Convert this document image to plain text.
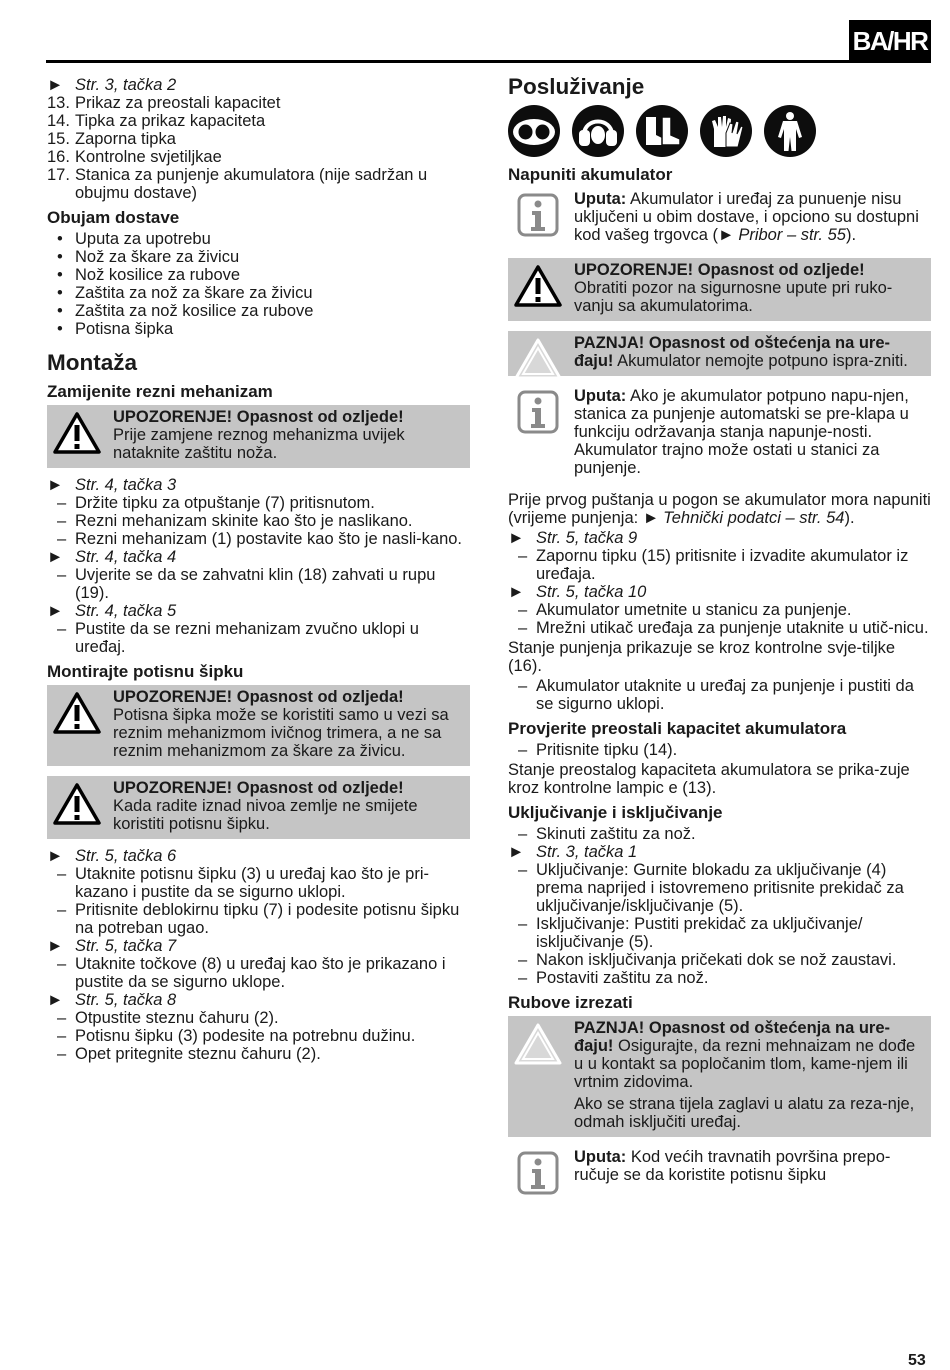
BA/HR
► Str. 3, tačka 2
13. Prikaz za preostali kapacitet
14. Tipka za prikaz kapaciteta
15. Zaporna tipka
16. Kontrolne svjetiljkae
17. Stanica za punjenje akumulatora (nije sadržan u obujmu dostave)
Obujam dostave
• Uputa za upotrebu
• Nož za škare za živicu
• Nož kosilice za rubove
• Zaštita za nož za škare za živicu
• Zaštita za nož kosilice za rubove
• Potisna šipka
Montaža
Zamijenite rezni mehanizam
UPOZORENJE! Opasnost od ozljede!
Prije zamjene reznog mehanizma uvijek nataknite zaštitu noža.
► Str. 4, tačka 3
– Držite tipku za otpuštanje (7) pritisnutom.
– Rezni mehanizam skinite kao što je naslikano.
– Rezni mehanizam (1) postavite kao što je nasli-kano.
► Str. 4, tačka 4
– Uvjerite se da se zahvatni klin (18) zahvati u rupu (19).
► Str. 4, tačka 5
– Pustite da se rezni mehanizam zvučno uklopi u uređaj.
Montirajte potisnu šipku
UPOZORENJE! Opasnost od ozljeda!
Potisna šipka može se koristiti samo u vezi sa reznim mehanizmom ivičnog trimera, a ne sa reznim mehanizmom za škare za živicu.
UPOZORENJE! Opasnost od ozljede!
Kada radite iznad nivoa zemlje ne smijete koristiti potisnu šipku.
► Str. 5, tačka 6
– Utaknite potisnu šipku (3) u uređaj kao što je pri-kazano i pustite da se sigurno uklopi.
– Pritisnite deblokirnu tipku (7) i podesite potisnu šipku na potreban ugao.
► Str. 5, tačka 7
– Utaknite točkove (8) u uređaj kao što je prikazano i pustite da se sigurno uklope.
► Str. 5, tačka 8
– Otpustite steznu čahuru (2).
– Potisnu šipku (3) podesite na potrebnu dužinu.
– Opet pritegnite steznu čahuru (2).
Posluživanje
Napuniti akumulator
Uputa: Akumulator i uređaj za punuenje nisu uključeni u obim dostave, i opciono su dostupni kod vašeg trgovca (► Pribor – str. 55).
UPOZORENJE! Opasnost od ozljede!
Obratiti pozor na sigurnosne upute pri ruko-vanju sa akumulatorima.
PAZNJA! Opasnost od oštećenja na ure-đaju! Akumulator nemojte potpuno ispra-zniti.
Uputa: Ako je akumulator potpuno napu-njen, stanica za punjenje automatski se pre-klapa u funkciju održavanja stanja napunje-nosti. Akumulator trajno može ostati u stanici za punjenje.
Prije prvog puštanja u pogon se akumulator mora napuniti (vrijeme punjenja: ► Tehnički podatci – str. 54).
► Str. 5, tačka 9
– Zapornu tipku (15) pritisnite i izvadite akumulator iz uređaja.
► Str. 5, tačka 10
– Akumulator umetnite u stanicu za punjenje.
– Mrežni utikač uređaja za punjenje utaknite u utič-nicu.
Stanje punjenja prikazuje se kroz kontrolne svje-tiljke (16).
– Akumulator utaknite u uređaj za punjenje i pustiti da se sigurno uklopi.
Provjerite preostali kapacitet akumulatora
– Pritisnite tipku (14).
Stanje preostalog kapaciteta akumulatora se prika-zuje kroz kontrolne lampic e (13).
Uključivanje i isključivanje
– Skinuti zaštitu za nož.
► Str. 3, tačka 1
– Uključivanje: Gurnite blokadu za uključivanje (4) prema naprijed i istovremeno pritisnite prekidač za uključivanje/isključivanje (5).
– Isključivanje: Pustiti prekidač za uključivanje/ isključivanje (5).
– Nakon isključivanja pričekati dok se nož zaustavi.
– Postaviti zaštitu za nož.
Rubove izrezati
PAZNJA! Opasnost od oštećenja na ure-đaju! Osigurajte, da rezni mehnaizam ne dođe u u kontakt sa popločanim tlom, kame-njem ili vrtnim zidovima.
Ako se strana tijela zaglavi u alatu za reza-nje, odmah isključiti uređaj.
Uputa: Kod većih travnatih površina prepo-ručuje se da koristite potisnu šipku
53
